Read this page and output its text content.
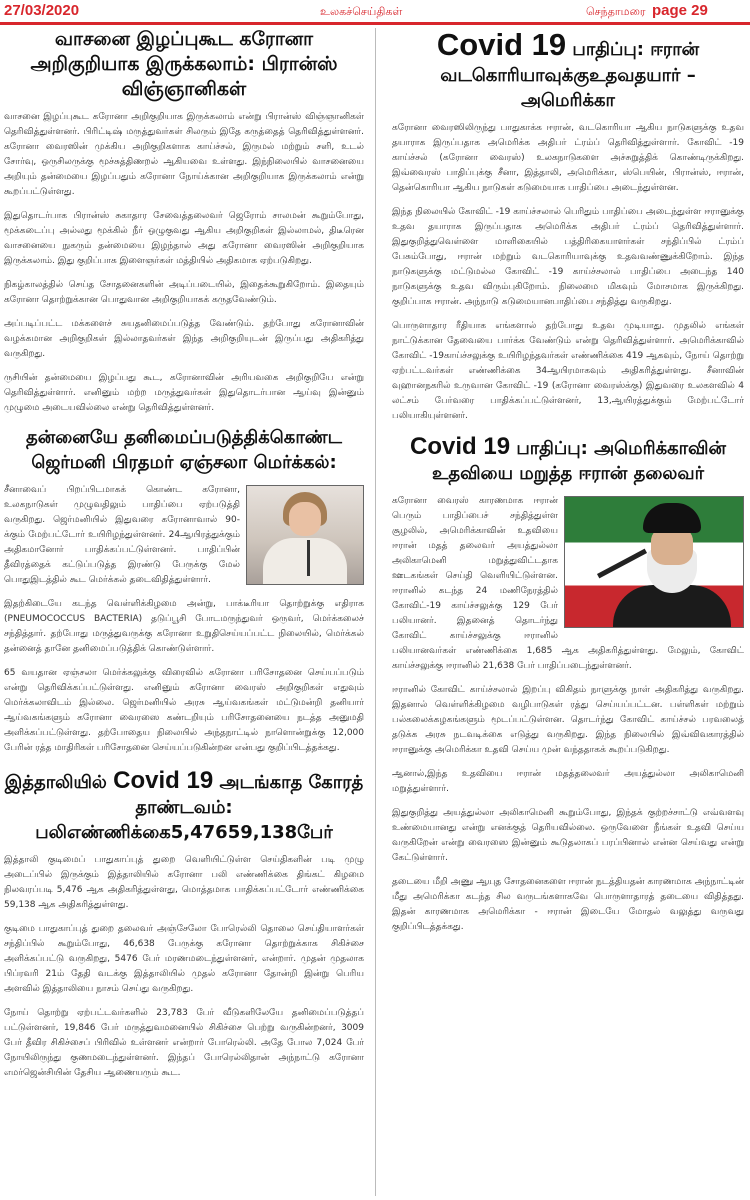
27/03/2020	உலகச்செய்திகள்	செந்தாமரை page 29
வாசனை இழப்புகூட கரோனா அறிகுறியாக இருக்கலாம்: பிரான்ஸ் விஞ்ஞானிகள்

வாசனை இழப்புகூட கரோனா அறிகுறியாக இருக்கலாம் என்று பிரான்ஸ் விஞ்ஞானிகள் தெரிவித்துள்ளனர். பிரிட்டிஷ் மருத்துவர்கள் சிலரும் இதே கருத்தைத் தெரிவித்துள்ளனர். கரோனா வைரஸின் முக்கிய அறிகுறிகளாக காய்ச்சல், இருமல் மற்றும் சளி, உடல் சோர்வு, ஒருசிலருக்கு மூச்சுத்திணறல் ஆகியவை உள்ளது. இந்நிலையில் வாசனையை அறியும் தன்மையை இழப்பதும் கரோனா நோய்க்கான அறிகுறியாக இருக்கலாம் என்று கூறப்பட்டுள்ளது.

இதுதொடர்பாக பிரான்ஸ் சுகாதார சேவைத்தலைவர் ஜெரோம் சாலமன் கூறும்போது, மூக்கடைப்பு அல்லது மூக்கில் நீர் ஒழுகுவது ஆகிய அறிகுறிகள் இல்லாமல், திடீரென வாசனையை நுகரும் தன்மையை இழந்தால் அது கரோனா வைரஸின் அறிகுறியாக இருக்கலாம். இது குறிப்பாக இளைஞர்கள் மத்தியில் அதிகமாக ஏற்படுகிறது.

நிகழ்காலத்தில் செய்த சோதனைகளின் அடிப்படையில், இதைக்கூறுகிறோம். இதையும் கரோனா தொற்றுக்கான பொதுவான அறிகுறியாகக் கருதவேண்டும்.

அப்படிப்பட்ட மக்களைச் சுயதனிமைப்படுத்த வேண்டும். தற்போது கரோனாவின் வழக்கமான அறிகுறிகள் இல்லாதவர்கள் இந்த அறிகுறியுடன் இருப்பது அதிகரித்து வருகிறது.

ருசியின் தன்மையை இழப்பது கூட, கரோனாவின் அரியவகை அறிகுறியே என்று தெரிவித்துள்ளார். எனினும் மற்ற மருத்துவர்கள் இதுதொடர்பான ஆய்வு இன்னும் முழுமை அடையவில்லை என்று தெரிவித்துள்ளனர்.

தன்னையே தனிமைப்படுத்திக்கொண்ட ஜெர்மனி பிரதமர் ஏஞ்சலா மெர்க்கல்:

சீனாவைப் பிறப்பிடமாகக் கொண்ட கரோனா, உலகநாடுகள் முழுவதிலும் பாதிப்பை ஏற்படுத்தி வருகிறது. ஜெர்மனியில் இதுவரை கரோனாவால் 90-க்கும் மேற்பட்டோர் உயிரிழந்துள்ளனர். 24ஆயிரத்துக்கும் அதிகமானோர் பாதிக்கப்பட்டுள்ளனர். பாதிப்பின் தீவிரத்தைக் கட்டுப்படுத்த இரண்டு பேருக்கு மேல் பொதுஇடத்தில் கூட மெர்க்கல் தடைவிதித்துள்ளார்.

இதற்கிடையே கடந்த வெள்ளிக்கிழமை அன்று, பாக்டீரியா தொற்றுக்கு எதிராக (PNEUMOCOCCUS BACTERIA) தடுப்பூசி போடமருந்துவர் ஒருவர், மெர்க்கலைச் சந்தித்தார். தற்போது மருத்துவருக்கு கரோனா உறுதிசெய்யப்பட்ட நிலையில், மெர்க்கல் தன்னைத் தானே தனிமைப்படுத்திக் கொண்டுள்ளார்.

65 வயதான ஏஞ்சலா மெர்க்கலுக்கு விரைவில் கரோனா பரிசோதனை செய்யப்படும் என்று தெரிவிக்கப்பட்டுள்ளது. எனினும் கரோனா வைரஸ் அறிகுறிகள் எதுவும் மெர்க்கலாவிடம் இல்லை. ஜெர்மனியில் அரசு ஆய்வகங்கள் மட்டுமன்றி தனியார் ஆய்வகங்களும் கரோனா வைரஸை கண்டறியும் பரிசோதனையை நடத்த அனுமதி அளிக்கப்பட்டுள்ளது. தற்போதைய நிலையில் அந்தநாட்டில் நாளொன்றுக்கு 12,000 பேரின் ரத்த மாதிரிகள் பரிசோதனை செய்யப்படுகின்றன என்பது குறிப்பிடத்தக்கது.

இத்தாலியில் Covid 19 அடங்காத கோரத் தாண்டவம்: பலிஎண்ணிக்கை5,47659,138பேர்

இத்தாலி குடிமைப் பாதுகாப்புத் துறை வெளியிட்டுள்ள செய்திகளின் படி முழு அடைப்பில் இருக்கும் இத்தாலியில் கரோனா பலி எண்ணிக்கை திங்கட் கிழமை நிலவரப்படி 5,476 ஆக அதிகரித்துள்ளது, மொத்தமாக பாதிக்கப்பட்டோர் எண்ணிக்கை 59,138 ஆக அதிகரித்துள்ளது.

குடிமை பாதுகாப்புத் துறை தலைவர் அஞ்சேலோ போரெல்லி தொலை செய்தியாளர்கள் சந்திப்பில் கூறும்போது, 46,638 பேருக்கு கரோனா தொற்றுக்காக சிகிச்சை அளிக்கப்பட்டு வருகிறது, 5476 பேர் மரணமடைந்துள்ளனர், என்றார். முதன் முதலாக பிப்ரவரி 21ம் தேதி வடக்கு இத்தாலியில் முதல் கரோனா தோன்றி இன்று பெரிய அளவில் இத்தாலியை நாசம் செய்து வருகிறது.

நோய் தொற்று ஏற்பட்டவர்களில் 23,783 பேர் வீடுகளிலேயே தனிமைப்படுத்தப் பட்டுள்ளனர், 19,846 பேர் மருத்துவமனையில் சிகிச்சை பெற்று வருகின்றனர், 3009 பேர் தீவிர சிகிச்சைப் பிரிவில் உள்ளனர் என்றார் போரெல்லி. அதே போல 7,024 பேர் நோயிலிருந்து குணமடைந்துள்ளனர். இந்தப் போரெல்லிதான் அந்நாட்டு கரோனா எமர்ஜென்சியின் தேசிய ஆணையரும் கூட.

Covid 19 பாதிப்பு: ஈரான் வடகொரியாவுக்குஉதவதயார் – அமெரிக்கா

கரோனா வைரஸிலிருந்து பாதுகாக்க ஈரான், வடகொரியா ஆகிய நாடுகளுக்கு உதவ தயாராக இருப்பதாக அமெரிக்க அதிபர் ட்ரம்ப் தெரிவித்துள்ளார். கோவிட் -19 காய்ச்சல் (கரோனா வைரஸ்) உலகநாடுகளை அச்சுறுத்திக் கொண்டிருக்கிறது. இவ்வைரஸ் பாதிப்புக்கு சீனா, இத்தாலி, அமெரிக்கா, ஸ்பெயின், பிரான்ஸ், ஈரான், தென்கொரியா ஆகிய நாடுகள் கடுமையாக பாதிப்பை அடைந்துள்ளன.

இந்த நிலையில் கோவிட் -19 காய்ச்சலால் பெரிதும் பாதிப்பை அடைந்துள்ள ஈரானுக்கு உதவ தயாராக இருப்பதாக அமெரிக்க அதிபர் ட்ரம்ப் தெரிவித்துள்ளார். இதுகுறித்துவெள்ளை மாளிகையில் பத்திரிகையாளர்கள் சந்திப்பில் ட்ரம்ப் பேசும்போது, ஈரான் மற்றும் வடகொரியாவுக்கு உதவவண்ணுக்கிறோம். இந்த நாடுகளுக்கு மட்டுமல்ல கோவிட் -19 காய்ச்சலால் பாதிப்பை அடைந்த 140 நாடுகளுக்கு உதவ விரும்புகிறோம். நிலைமை மிகவும் மோசமாக இருக்கிறது. குறிப்பாக ஈரான். அந்நாடு கடுமையானபாதிப்பை சந்தித்து வருகிறது.

பொருளாதார ரீதியாக எங்களால் தற்போது உதவ முடியாது. முதலில் எங்கள் நாட்டுக்கான தேவையை பார்க்க வேண்டும் என்று தெரிவித்துள்ளார். அமெரிக்காவில் கோவிட் -19காய்ச்சலுக்கு உயிரிழந்தவர்கள் எண்ணிக்கை 419 ஆகவும், நோய் தொற்று ஏற்பட்டவர்கள் எண்ணிக்கை 34ஆயிரமாகவும் அதிகரித்துள்ளது. சீனாவின் வுஹானநகரில் உருவான கோவிட் -19 (கரோனா வைரஸ்க்கு) இதுவரை உலகளவில் 4 லட்சம் பேர்வரை பாதிக்கப்பட்டுள்ளனர், 13,ஆயிரத்துக்கும் மேற்பட்டோர் பலியாகியுள்ளனர்.

Covid 19 பாதிப்பு: அமெரிக்காவின் உதவியை மறுத்த ஈரான் தலைவர்

கரோனா வைரஸ் காரணமாக ஈரான் பெரும் பாதிப்பைச் சந்தித்துள்ள சூழலில், அமெரிக்காவின் உதவியை ஈரான் மதத் தலைவர் அயத்துல்லா அலிகாமெனி மறுத்துவிட்டதாக ஊடகங்கள் செய்தி வெளியிட்டுள்ளன. ஈரானில் கடந்த 24 மணிநேரத்தில் கோவிட்-19 காய்ச்சலுக்கு 129 பேர் பலியானர். இதனைத் தொடர்ந்து கோவிட் காய்ச்சலுக்கு ஈரானில் பலியானவர்கள் எண்ணிக்கை 1,685 ஆக அதிகரித்துள்ளது. மேலும், கோவிட் காய்ச்சலுக்கு ஈரானில் 21,638 பேர் பாதிப்படைந்துள்ளனர்.

ஈரானில் கோவிட் காய்ச்சலால் இறப்பு விகிதம் நாளுக்கு நாள் அதிகரித்து வருகிறது. இதனால் வெள்ளிக்கிழமை வழிபாடுகள் ரத்து செய்யப்பட்டன. பள்ளிகள் மற்றும் பல்கலைக்கழகங்களும் மூடப்பட்டுள்ளன. தொடர்ந்து கோவிட் காய்ச்சல் பரவலைத் தடுக்க அரசு நடவடிக்கை எடுத்து வருகிறது. இந்த நிலையில் இவ்விவகாரத்தில் ஈரானுக்கு அமெரிக்கா உதவி செய்ய முன் வந்ததாகக் கூறப்படுகிறது.

ஆனால்,இந்த உதவியை ஈரான் மதத்தலைவர் அயத்துல்லா அலிகாமெனி மறுத்துள்ளார்.

இதுகுறித்து அயத்துல்லா அலிகாமெனி கூறும்போது, இந்தக் குற்றச்சாட்டு எவ்வளவு உண்மையானது என்று எனக்குத் தெரியவில்லை. ஒருவேளை நீங்கள் உதவி செய்ய வருகிறேன் என்று வைரஸை இன்னும் கூடுதலாகப் பரப்பினால் என்ன செய்வது என்று கேட்டுள்ளார்.

தடையை மீறி அணு ஆயுத சோதனைகளை ஈரான் நடத்தியதன் காரணமாக அந்நாட்டின் மீது அமெரிக்கா கடந்த சில வருடங்களாகவே பொருளாதாரத் தடையை விதித்தது. இதன் காரணமாக அமெரிக்கா - ஈரான் இடையே மோதல் வலுத்து வருவது குறிப்பிடத்தக்கது.
